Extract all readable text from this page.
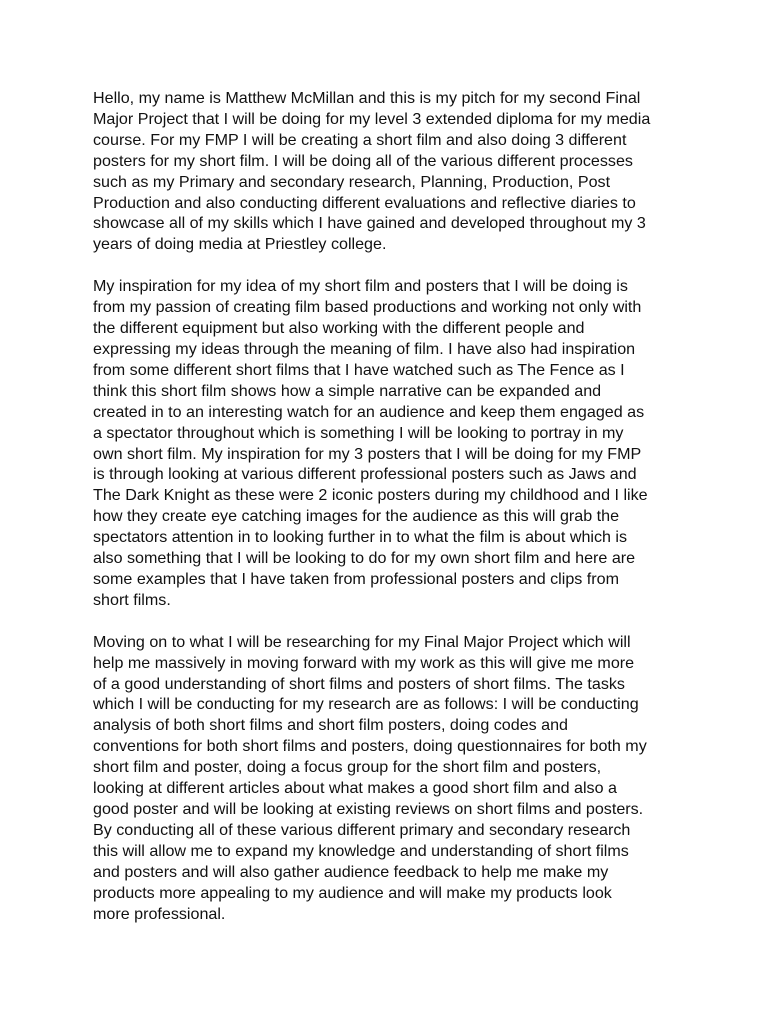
Hello, my name is Matthew McMillan and this is my pitch for my second Final
Major Project that I will be doing for my level 3 extended diploma for my media
course. For my FMP I will be creating a short film and also doing 3 different
posters for my short film. I will be doing all of the various different processes
such as my Primary and secondary research, Planning, Production, Post
Production and also conducting different evaluations and reflective diaries to
showcase all of my skills which I have gained and developed throughout my 3
years of doing media at Priestley college.

My inspiration for my idea of my short film and posters that I will be doing is
from my passion of creating film based productions and working not only with
the different equipment but also working with the different people and
expressing my ideas through the meaning of film. I have also had inspiration
from some different short films that I have watched such as The Fence as I
think this short film shows how a simple narrative can be expanded and
created in to an interesting watch for an audience and keep them engaged as
a spectator throughout which is something I will be looking to portray in my
own short film. My inspiration for my 3 posters that I will be doing for my FMP
is through looking at various different professional posters such as Jaws and
The Dark Knight as these were 2 iconic posters during my childhood and I like
how they create eye catching images for the audience as this will grab the
spectators attention in to looking further in to what the film is about which is
also something that I will be looking to do for my own short film and here are
some examples that I have taken from professional posters and clips from
short films.

Moving on to what I will be researching for my Final Major Project which will
help me massively in moving forward with my work as this will give me more
of a good understanding of short films and posters of short films. The tasks
which I will be conducting for my research are as follows: I will be conducting
analysis of both short films and short film posters, doing codes and
conventions for both short films and posters, doing questionnaires for both my
short film and poster, doing a focus group for the short film and posters,
looking at different articles about what makes a good short film and also a
good poster and will be looking at existing reviews on short films and posters.
By conducting all of these various different primary and secondary research
this will allow me to expand my knowledge and understanding of short films
and posters and will also gather audience feedback to help me make my
products more appealing to my audience and will make my products look
more professional.
